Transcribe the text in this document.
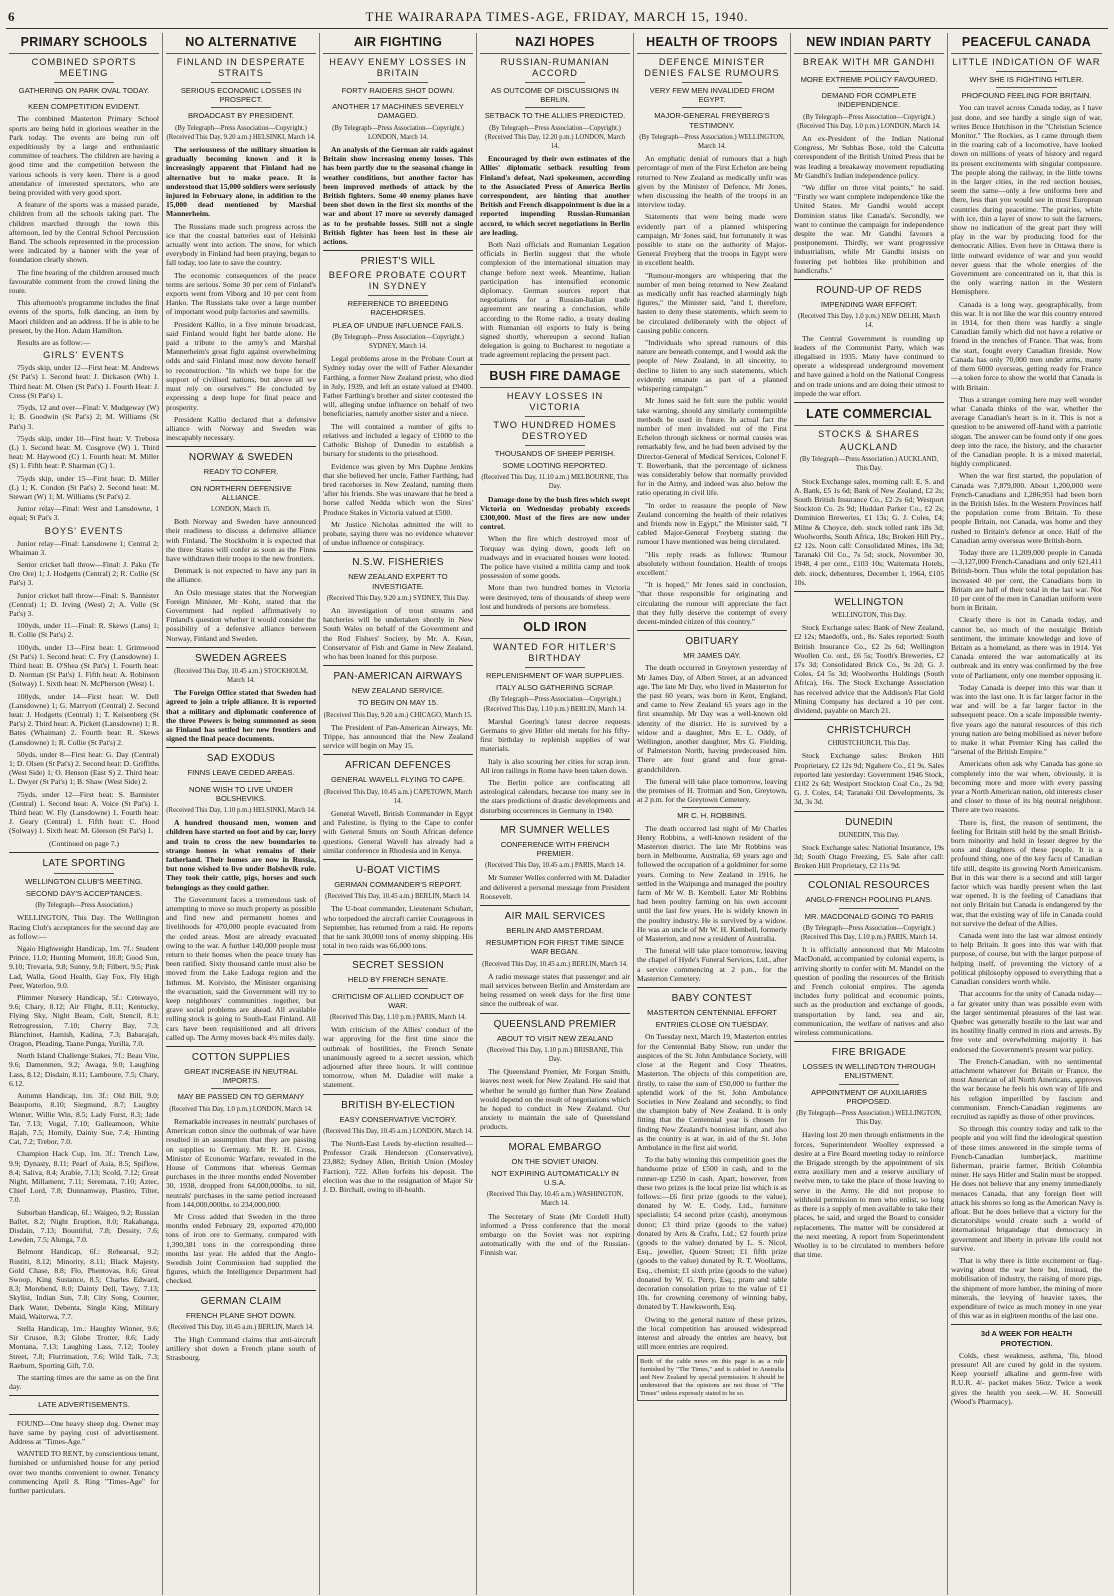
6	THE WAIRARAPA TIMES-AGE, FRIDAY, MARCH 15, 1940.
PRIMARY SCHOOLS
COMBINED SPORTS MEETING
GATHERING ON PARK OVAL TODAY.
KEEN COMPETITION EVIDENT.

The combined Masterton Primary School sports are being held in glorious weather in the Park today. The events are being run off expeditiously by a large and enthusiastic committee of teachers. The children are having a good time and the competition between the various schools is very keen. There is a good attendance of interested spectators, who are being provided with very good sport.

A feature of the sports was a massed parade, children from all the schools taking part. The children marched through the town this afternoon, led by the Central School Percussion Band. The schools represented in the procession were indicated by a banner with the year of foundation clearly shown.

The fine bearing of the children aroused much favourable comment from the crowd lining the route.

This afternoon's programme includes the final events of the sports, folk dancing, an item by Maori children and an address. If he is able to be present, by the Hon. Adam Hamilton.

Results are as follow:—

GIRLS' EVENTS

75yds skip, under 12—First heat: M. Andrews (St Pat's) 1. Second heat: J. Dickason (Wh) 1. Third heat: M. Olsen (St Pat's) 1. Fourth Heat: J. Cress (St Pat's) 1.

75yds, 12 and over—Final: V. Mudgeway (W) 1; B. Goodwin (St Pat's) 2; M. Williams (St Pat's) 3.

75yds skip, under 10—First heat: V. Trebosa (L) 1. Second heat: M. Cosgrove (W) 1. Third heat: M. Haywood (C) 1. Fourth heat: M. Miller (S) 1. Fifth heat: P. Sharman (C) 1.

75yds skip, under 15—First heat: D. Miller (L) 1; K. Condon (St Pat's) 2. Second heat: M. Stewart (W) 1; M. Williams (St Pat's) 2.

Junior relay—Final: West and Lansdowne, 1 equal; St Pat's 3.

BOYS' EVENTS

Junior relay—Final: Lansdowne 1; Central 2; Whaiman 3.

Senior cricket ball throw—Final: J. Paku (Te Ore Ore) 1; J. Hodgetts (Central) 2; R. Collie (St Pat's) 3.

Junior cricket ball throw—Final: S. Bannister (Central) 1; D. Irving (West) 2; A. Volle (St Pat's) 3.

100yds, under 11—Final: R. Skews (Lans) 1; R. Collie (St Pat's) 2.

100yds, under 13—First heat: I. Grimwood (St Pat's) 1. Second heat: C. Fry (Lansdowne) 1. Third heat: B. O'Shea (St Pat's) 1. Fourth heat: D. Norman (St Pat's) 1. Fifth heat: A. Robinson (Solway) 1. Sixth heat: N. McPherson (West) 1.

100yds, under 14—First heat: W. Dell (Lansdowne) 1; G. Marryott (Central) 2. Second heat: J. Hodgetts (Central) 1; T. Keisenberg (St Pat's) 2. Third heat: A. Pickett (Lansdowne) 1; R. Bates (Whaiman) 2. Fourth heat: R. Skews (Lansdowne) 1; R. Collie (St Pat's) 2.

50yds, under 8—First heat: G. Day (Central) 1; D. Olsen (St Pat's) 2. Second heat: D. Griffiths (West Side) 1; O. Henson (East S) 2. Third heat: L. Dwyer (St Pat's) 1; B. Shaw (West Side) 2.

75yds, under 12—First heat: S. Bannister (Central) 1. Second heat: A. Voice (St Pat's) 1. Third heat: W. Fly (Lansdowne) 1. Fourth heat: J. Geary (Central) 1. Fifth heat: C. Hood (Solway) 1. Sixth heat: M. Gleeson (St Pat's) 1.

(Continued on page 7.)

LATE SPORTING
WELLINGTON CLUB'S MEETING.
SECOND DAY'S ACCEPTANCES.

(By Telegraph—Press Association.)

WELLINGTON, This Day. The Wellington Racing Club's acceptances for the second day are as follow:—

Ngaio Highweight Handicap, 1m. 7f.: Student Prince, 11.0; Hunting Moment, 10.8; Good Sun, 9.10; Trevaria, 9.8; Sunny, 9.8; Filbert, 9.5; Pink Lad, Walla, Good Health, Gay Fox, Fly High Peer, Waterloo, 9.0.

Plimmer Nursery Handicap, 5f.: Cetewayo, 9.6; Chary, 8.12; Air Flight, 8.11; Kentucky, Flying Sky, Night Beam, Colt, Stencil, 8.1; Retrogression, 7.10; Cherry Bay, 7.3; Blanchinet, Hamish, Kadina, 7.3; Babarajah, Oragon, Pleading, Taane Punga, Yurilla, 7.0.

North Island Challenge Stakes, 7f.: Beau Vite, 9.6; Damenmen, 9.2; Awaga, 9.0; Laughing Lass, 8.12; Disdain, 8.11; Lamboure, 7.5; Chary, 6.12.

Autumn Handicap, 1m. 3f.: Old Bill, 9.0; Beauporto, 8.10; Siegmund, 8.7; Laughty Winner, Willie Win, 8.5; Lady Furst, 8.3; Jade Tar, 7.13; Vogal, 7.10; Galleamoon, White Rajah, 7.5; Homily, Dainty Sue, 7.4; Hunting Cat, 7.2; Trebor, 7.0.

Champion Hack Cup, 1m. 3f.: Trench Law, 9.9; Dynasty, 8.11; Pearl of Asia, 8.5; Spiflow, 8.4; Saliva, 8.4; Arabie, 7.13; Scold, 7.12; Great Night, Millament, 7.11; Seremata, 7.10; Aztec, Chief Lord, 7.8; Dunnamway, Plastiro, Tilter, 7.0.

Suburban Handicap, 6f.: Waigeo, 9.2; Russian Ballet, 8.2; Night Eruption, 8.0; Rakahanga, Disdain, 7.13; Bountiful, 7.8; Dessity, 7.6; Lewden, 7.5; Alunga, 7.0.

Belmont Handicap, 6f.: Rehearsal, 9.2; Rustiti, 8.12; Minority, 8.11; Black Majesty, Gold Chase, 8.8; Flo, Phentovas, 8.6; Great Swoop, King Sustance, 8.5; Charles Edward, 8.3; Morebend, 8.0; Dainty Dell, Tawy, 7.13; Skylist, Indian Sun, 7.8; City Song, Counter, Dark Water, Debenta, Single King, Military Maid, Waiterwa, 7.7.

Stella Handicap, 1m.: Haughty Winner, 9.6; Sir Crusoe, 8.3; Globe Trotter, 8.6; Lady Montana, 7.13; Laughing Lass, 7.12; Tooley Street, 7.8; Flurrimation, 7.6; Wild Talk, 7.3; Raeburn, Sporting Gift, 7.0.

The starting times are the same as on the first day.

LATE ADVERTISEMENTS.

FOUND—One heavy sheep dog. Owner may have same by paying cost of advertisement. Address at "Times-Age."

WANTED TO RENT, by conscientious tenant, furnished or unfurnished house for any period over two months convenient to owner. Tenancy commencing April 8. Ring "Times-Age" for further particulars.

NO ALTERNATIVE
FINLAND IN DESPERATE STRAITS
SERIOUS ECONOMIC LOSSES IN PROSPECT.
BROADCAST BY PRESIDENT.

(By Telegraph—Press Association—Copyright.) (Received This Day, 9.20 a.m.) HELSINKI, March 14.

The seriousness of the military situation is gradually becoming known and it is increasingly apparent that Finland had no alternative but to make peace. It is understood that 15,000 soldiers were seriously injured in February alone, in addition to the 15,000 dead mentioned by Marshal Mannerheim.

The Russians made such progress across the ice that the coastal batteries east of Helsinki actually went into action. The snow, for which everybody in Finland had been praying, began to fall today, too late to save the country.

The economic consequences of the peace terms are serious. Some 30 per cent of Finland's exports went from Viborg and 10 per cent from Hanko. The Russians take over a large number of important wood pulp factories and sawmills.

President Kallio, in a five minute broadcast, said Finland would fight her battle alone. He paid a tribute to the army's and Marshal Mannerheim's great fight against overwhelming odds and said Finland must now devote herself to reconstruction. "In which we hope for the support of civilised nations, but above all we must rely on ourselves." He concluded by expressing a deep hope for final peace and prosperity.

President Kallio declared that a defensive alliance with Norway and Sweden was inescapably necessary.

NORWAY & SWEDEN
READY TO CONFER.
ON NORTHERN DEFENSIVE ALLIANCE.

LONDON, March 15.

Both Norway and Sweden have announced their readiness to discuss a defensive alliance with Finland. The Stockholm it is expected that the three States will confer as soon as the Finns have withdrawn their troops to the new frontiers.

Denmark is not expected to have any part in the alliance.

An Oslo message states that the Norwegian Foreign Minister, Mr Koht, stated that the Government had replied affirmatively to Finland's question whether it would consider the possibility of a defensive alliance between Norway, Finland and Sweden.

SWEDEN AGREES

(Received This Day, 10.45 a.m.) STOCKHOLM, March 14.

The Foreign Office stated that Sweden had agreed to join a triple alliance. It is reported that a military and diplomatic conference of the three Powers is being summoned as soon as Finland has settled her new frontiers and signed the final peace documents.

SAD EXODUS
FINNS LEAVE CEDED AREAS.
NONE WISH TO LIVE UNDER BOLSHEVIKS.

(Received This Day, 1.10 p.m.) HELSINKI, March 14.

A hundred thousand men, women and children have started on foot and by car, lorry and train to cross the new boundaries to strange homes in what remains of their fatherland. Their homes are now in Russia, but none wished to live under Bolshevik rule. They took their cattle, pigs, horses and such belongings as they could gather.

The Government faces a tremendous task of attempting to move so much property as possible and find new and permanent homes and livelihoods for 470,000 people evacuated from the ceded areas. Most are already evacuated owing to the war. A further 140,000 people must return to their homes when the peace treaty has been ratified. Sixty thousand cattle must also be moved from the Lake Ladoga region and the Isthmus. M. Koivisto, the Minister organising the evacuation, said the Government will try to keep neighbours' communities together, but grave social problems are ahead. All available rolling stock is going to South-East Finland. All cars have been requisitioned and all drivers called up. The Army moves back 4½ miles daily.

COTTON SUPPLIES
GREAT INCREASE IN NEUTRAL IMPORTS.
MAY BE PASSED ON TO GERMANY

(Received This Day, 1.0 p.m.) LONDON, March 14.

Remarkable increases in neutrals' purchases of American cotton since the outbreak of war have resulted in an assumption that they are passing on supplies to Germany. Mr R. H. Cross, Minister of Economic Warfare, revealed in the House of Commons that whereas German purchases in the three months ended November 30, 1938, dropped from 64,000,000lbs. to nil, neutrals' purchases in the same period increased from 144,000,000lbs. to 234,000,000.

Mr Cross added that Sweden in the three months ended February 29, exported 470,000 tons of iron ore to Germany, compared with 1,390,381 tons in the corresponding three months last year. He added that the Anglo-Swedish Joint Commission had supplied the figures, which the Intelligence Department had checked.

GERMAN CLAIM
FRENCH PLANE SHOT DOWN.

(Received This Day, 10.45 a.m.) BERLIN, March 14.

The High Command claims that anti-aircraft artillery shot down a French plane south of Strasbourg.

AIR FIGHTING
HEAVY ENEMY LOSSES IN BRITAIN
FORTY RAIDERS SHOT DOWN.
ANOTHER 17 MACHINES SEVERELY DAMAGED.

(By Telegraph—Press Association—Copyright.) LONDON, March 14.

An analysis of the German air raids against Britain show increasing enemy losses. This has been partly due to the seasonal change in weather conditions, but another factor has been improved methods of attack by the British fighters. Some 40 enemy planes have been shot down in the first six months of the war and about 17 more so severely damaged as to be probable losses. Still not a single British fighter has been lost in these air actions.

PRIEST'S WILL
BEFORE PROBATE COURT IN SYDNEY
REFERENCE TO BREEDING RACEHORSES.
PLEA OF UNDUE INFLUENCE FAILS.

(By Telegraph—Press Association—Copyright.) SYDNEY, March 14.

Legal problems arose in the Probate Court at Sydney today over the will of Father Alexander Farthing, a former New Zealand priest, who died in July, 1939, and left an estate valued at £9400. Father Farthing's brother and sister contested the will, alleging undue influence on behalf of two beneficiaries, namely another sister and a niece.

The will contained a number of gifts to relatives and included a legacy of £1000 to the Catholic Bishop of Dunedin to establish a bursary for students to the priesthood.

Evidence was given by Mrs Daphne Jenkins that she believed her uncle, Father Farthing, had bred racehorses in New Zealand, naming them 'after his friends. She was unaware that he bred a horse called Nedda which won the Sires' Produce Stakes in Victoria valued at £500.

Mr Justice Nicholas admitted the will to probate, saying there was no evidence whatever of undue influence or conspiracy.

N.S.W. FISHERIES
NEW ZEALAND EXPERT TO INVESTIGATE.

(Received This Day, 9.20 a.m.) SYDNEY, This Day.

An investigation of trout streams and hatcheries will be undertaken shortly in New South Wales on behalf of the Government and the Rod Fishers' Society, by Mr. A. Kean, Conservator of Fish and Game in New Zealand, who has been loaned for this purpose.

PAN-AMERICAN AIRWAYS
NEW ZEALAND SERVICE.
TO BEGIN ON MAY 15.

(Received This Day, 9.20 a.m.) CHICAGO, March 15.

The President of Pan-American Airways, Mr. Trippe, has announced that the New Zealand service will begin on May 15.

AFRICAN DEFENCES
GENERAL WAVELL FLYING TO CAPE.

(Received This Day, 10.45 a.m.) CAPETOWN, March 14.

General Wavell, British Commander in Egypt and Palestine, is flying to the Cape to confer with General Smuts on South African defence questions. General Wavell has already had a similar conference in Rhodesia and in Kenya.

U-BOAT VICTIMS
GERMAN COMMANDER'S REPORT.

(Received This Day, 10.45 a.m.) BERLIN, March 14.

The U-boat commander, Lieutenant Schuhart, who torpedoed the aircraft carrier Courageous in September, has returned from a raid. He reports that he sank 30,000 tons of enemy shipping. His total in two raids was 66,000 tons.

SECRET SESSION
HELD BY FRENCH SENATE.
CRITICISM OF ALLIED CONDUCT OF WAR.

(Received This Day, 1.10 p.m.) PARIS, March 14.

With criticism of the Allies' conduct of the war approving for the first time since the outbreak of hostilities, the French Senate unanimously agreed to a secret session, which adjourned after three hours. It will continue tomorrow, when M. Daladier will make a statement.

BRITISH BY-ELECTION
EASY CONSERVATIVE VICTORY.

(Received This Day, 10.45 a.m.) LONDON, March 14.

The North-East Leeds by-election resulted—Professor Craik Henderson (Conservative), 23,882; Sydney Allen, British Union (Mosley Faction), 722. Allen forfeits his deposit. The election was due to the resignation of Major Sir J. D. Birchall, owing to ill-health.

NAZI HOPES
RUSSIAN-RUMANIAN ACCORD
AS OUTCOME OF DISCUSSIONS IN BERLIN.
SETBACK TO THE ALLIES PREDICTED.

(By Telegraph—Press Association—Copyright.) (Received This Day, 12.20 p.m.) LONDON, March 14.

Encouraged by their own estimates of the Allies' diplomatic setback resulting from Finland's defeat, Nazi spokesmen, according to the Associated Press of America Berlin correspondent, are hinting that another British and French disappointment is due in a reported impending Russian-Rumanian accord, to which secret negotiations in Berlin are leading.

Both Nazi officials and Rumanian Legation officials in Berlin suggest that the whole complexion of the international situation may change before next week. Meantime, Italian participation has intensified economic diplomacy. German sources report that negotiations for a Russian-Italian trade agreement are nearing a conclusion, while according to the Rome radio, a treaty dealing with Rumanian oil exports to Italy is being signed shortly, whereupon a second Italian delegation is going to Bucharest to negotiate a trade agreement replacing the present pact.

BUSH FIRE DAMAGE
HEAVY LOSSES IN VICTORIA
TWO HUNDRED HOMES DESTROYED
THOUSANDS OF SHEEP PERISH.
SOME LOOTING REPORTED.

(Received This Day, 11.10 a.m.) MELBOURNE, This Day.

Damage done by the bush fires which swept Victoria on Wednesday probably exceeds £300,000. Most of the fires are now under control.

When the fire which destroyed most of Torquay was dying down, goods left on roadways and in evacuated houses were looted. The police have visited a militia camp and took possession of some goods.

More than two hundred homes in Victoria were destroyed, tens of thousands of sheep were lost and hundreds of persons are homeless.

OLD IRON
WANTED FOR HITLER'S BIRTHDAY
REPLENISHMENT OF WAR SUPPLIES.
ITALY ALSO GATHERING SCRAP.

(By Telegraph—Press Association—Copyright.) (Received This Day, 1.10 p.m.) BERLIN, March 14.

Marshal Goering's latest decree requests Germans to give Hitler old metals for his fifty-first birthday to replenish supplies of war materials.

Italy is also scouring her cities for scrap iron. All iron railings in Rome have been taken down.

The Berlin police are confiscating all astrological calendars, because too many see in the stars predictions of drastic developments and disturbing occurrences in Germany in 1940.

MR SUMNER WELLES
CONFERENCE WITH FRENCH PREMIER.

(Received This Day, 10.45 a.m.) PARIS, March 14.

Mr Sumner Welles conferred with M. Daladier and delivered a personal message from President Roosevelt.

AIR MAIL SERVICES
BERLIN AND AMSTERDAM.
RESUMPTION FOR FIRST TIME SINCE WAR BEGAN.

(Received This Day, 10.45 a.m.) BERLIN, March 14.

A radio message states that passenger and air mail services between Berlin and Amsterdam are being resumed on week days for the first time since the outbreak of war.

QUEENSLAND PREMIER
ABOUT TO VISIT NEW ZEALAND

(Received This Day, 1.10 p.m.) BRISBANE, This Day.

The Queensland Premier, Mr Forgan Smith, leaves next week for New Zealand. He said that whether he would go further than New Zealand would depend on the result of negotiations which he hoped to conduct in New Zealand. Our anxiety to maintain the sale of Queensland products.

MORAL EMBARGO
ON THE SOVIET UNION.
NOT EXPIRING AUTOMATICALLY IN U.S.A.

(Received This Day, 10.45 a.m.) WASHINGTON, March 14.

The Secretary of State (Mr Cordell Hull) informed a Press conference that the moral embargo on the Soviet was not expiring automatically with the end of the Russian-Finnish war.

HEALTH OF TROOPS
DEFENCE MINISTER DENIES FALSE RUMOURS
VERY FEW MEN INVALIDED FROM EGYPT.
MAJOR-GENERAL FREYBERG'S TESTIMONY.

(By Telegraph—Press Association.) WELLINGTON, March 14.

An emphatic denial of rumours that a high percentage of men of the First Echelon are being returned to New Zealand as medically unfit was given by the Minister of Defence, Mr Jones, when discussing the health of the troops in an interview today.

Statements that were being made were evidently part of a planned whispering campaign, Mr Jones said, but fortunately it was possible to state on the authority of Major-General Freyberg that the troops in Egypt were in excellent health.

"Rumour-mongers are whispering that the number of men being returned to New Zealand as medically unfit has reached alarmingly high figures," the Minister said, "and I, therefore, hasten to deny these statements, which seem to be circulated deliberately with the object of causing public concern.

"Individuals who spread rumours of this nature are beneath contempt, and I would ask the people of New Zealand, in all sincerity, to decline to listen to any such statements, which evidently emanate as part of a planned whispering campaign."

Mr Jones said he felt sure the public would take warning, should any similarly contemptible methods be used in future. In actual fact the number of men invalided out of the First Echelon through sickness or normal causes was remarkably few, and he had been advised by the Director-General of Medical Services, Colonel F. T. Bowerbank, that the percentage of sickness was considerably below that normally provided for in the Army, and indeed was also below the ratio operating in civil life.

"In order to reassure the people of New Zealand concerning the health of their relatives and friends now in Egypt," the Minister said, "I cabled Major-General Freyberg stating the rumour I have mentioned was being circulated.

"His reply reads as follows: 'Rumour absolutely without foundation. Health of troops excellent.'

"It is hoped," Mr Jones said in conclusion, "that those responsible for originating and circulating the rumour will appreciate the fact that they fully deserve the contempt of every decent-minded citizen of this country."

OBITUARY
MR JAMES DAY.

The death occurred in Greytown yesterday of Mr James Day, of Albert Street, at an advanced age. The late Mr Day, who lived in Masterton for the past 60 years, was born in Kent, England, and came to New Zealand 65 years ago in the first steamship. Mr Day was a well-known old identity of the district. He is survived by a widow and a daughter, Mrs E. L. Oddy, of Wellington, another daughter, Mrs G. Fielding, of Palmerston North, having predeceased him. There are four grand and four great-grandchildren.

The funeral will take place tomorrow, leaving the premises of H. Trotman and Son, Greytown, at 2 p.m. for the Greytown Cemetery.

MR C. H. ROBBINS.

The death occurred last night of Mr Charles Henry Robbins, a well-known resident of the Masterton district. The late Mr Robbins was born in Melbourne, Australia, 69 years ago and followed the occupation of a goldminer for some years. Coming to New Zealand in 1916, he settled in the Waipunga and managed the poultry farm of Mr W. B. Kembell. Later Mr Robbins had been poultry farming on his own account until the last few years. He is widely known in the poultry industry. He is survived by a widow. He was an uncle of Mr W. H. Kembell, formerly of Masterton, and now a resident of Australia.

The funeral will take place tomorrow, leaving the chapel of Hyde's Funeral Services, Ltd., after a service commencing at 2 p.m., for the Masterton Cemetery.

BABY CONTEST
MASTERTON CENTENNIAL EFFORT
ENTRIES CLOSE ON TUESDAY.

On Tuesday next, March 19, Masterton entries for the Centennial Baby Show, run under the auspices of the St. John Ambulance Society, will close at the Regent and Cosy Theatres, Masterton. The objects of this competition are, firstly, to raise the sum of £50,000 to further the splendid work of the St. John Ambulance Societies in New Zealand and secondly, to find the champion baby of New Zealand. It is only fitting that the Centennial year is chosen for finding New Zealand's bonniest infant, and also as the country is at war, in aid of the St. John Ambulance in the first aid world.

To the baby winning this competition goes the handsome prize of £500 in cash, and to the runner-up £250 in cash. Apart, however, from these two prizes is the local prize list which is as follows:—£6 first prize (goods to the value), donated by W. E. Cody, Ltd., furniture specialists; £4 second prize (cash), anonymous donor; £3 third prize (goods to the value) donated by Arts & Crafts, Ltd.; £2 fourth prize (goods to the value) donated by L. S. Nicol, Esq., jeweller, Queen Street; £1 fifth prize (goods to the value) donated by R. T. Woollams, Esq., chemist; £1 sixth prize (goods to the value) donated by W. G. Perry, Esq.; pram and table decoration consolation prize to the value of £1 10s. for crowning ceremony of winning baby, donated by T. Hawksworth, Esq.

Owing to the general nature of these prizes, the local competition has aroused widespread interest and already the entries are heavy, but still more entries are required.

Both of the cable news on this page is as a rule furnished by "The Times," and is cabled to Australia and New Zealand by special permission. It should be understood that the opinions are not those of "The Times" unless expressly stated to be so.
NEW INDIAN PARTY
BREAK WITH MR GANDHI
MORE EXTREME POLICY FAVOURED.
DEMAND FOR COMPLETE INDEPENDENCE.

(By Telegraph—Press Association—Copyright.) (Received This Day, 1.0 p.m.) LONDON, March 14.

An ex-President of the Indian National Congress, Mr Subhas Bose, told the Calcutta correspondent of the British United Press that he was leading a breakaway movement repudiating Mr Gandhi's Indian independence policy.

"We differ on three vital points," he said. "Firstly we want complete independence like the United States. Mr Gandhi would accept Dominion status like Canada's. Secondly, we want to continue the campaign for independence despite the war. Mr Gandhi favours a postponement. Thirdly, we want progressive industrialism, while Mr Gandhi insists on fostering pet hobbies like prohibition and handicrafts."

ROUND-UP OF REDS
IMPENDING WAR EFFORT.

(Received This Day, 1.0 p.m.) NEW DELHI, March 14.

The Central Government is rounding up leaders of the Communist Party, which was illegalised in 1935. Many have continued to operate a widespread underground movement and have gained a hold on the National Congress and on trade unions and are doing their utmost to impede the war effort.

LATE COMMERCIAL
STOCKS & SHARES
AUCKLAND

(By Telegraph—Press Association.) AUCKLAND, This Day.

Stock Exchange sales, morning call: E. S. and A. Bank, £5 1s 6d; Bank of New Zealand, £2 2s; South British Insurance Co., £2 2s 6d; Westport Stockton Co. 2s 9d; Huddart Parker Co., £2 2s; Dominion Breweries, £1 13s; G. J. Coles, £4; Milne & Choyce, deb. stock tolled rank 18s 3d; Woolworths, South Africa, 18s; Broken Hill Pty., £2 12s. Noon call: Consolidated Mines, 18s 3d; Taranaki Oil Co., 7s 5d; stock, November 30, 1948, 4 per cent., £103 10s; Waitemata Hotels, deb. stock, debentures, December 1, 1964, £105 10s.

WELLINGTON

WELLINGTON, This Day.

Stock Exchange sales: Bank of New Zealand, £2 12s; Maedoffs, ord., 8s. Sales reported: South British Insurance Co., £2 2s 6d; Wellington Woollen Co. ord., £6 5s; Tooth's Breweries, £2 17s 3d; Consolidated Brick Co., 9s 2d; G. J. Coles, £4 5s 3d; Woolworths Holdings (South Africa), 16s. The Stock Exchange Association has received advice that the Addison's Flat Gold Mining Company has declared a 10 per cent. dividend, payable on March 21.

CHRISTCHURCH

CHRISTCHURCH, This Day.

Stock Exchange sales: Broken Hill Proprietary, £2 12s 9d; Ngahere Co., £1 9s. Sales reported late yesterday: Government 1946 Stock, £102 2s 6d; Westport Stockton Coal Co., 2s 9d; G. J. Coles, £4; Taranaki Oil Developments, 3s 3d, 3s 3d.

DUNEDIN

DUNEDIN, This Day.

Stock Exchange sales: National Insurance, 19s 3d; South Otago Freezing, £5. Sale after call: Broken Hill Proprietary, £2 11s 9d.

COLONIAL RESOURCES
ANGLO-FRENCH POOLING PLANS.
MR. MACDONALD GOING TO PARIS

(By Telegraph—Press Association—Copyright.) (Received This Day, 1.10 p.m.) PARIS, March 14.

It is officially announced that Mr Malcolm MacDonald, accompanied by colonial experts, is arriving shortly to confer with M. Mandel on the question of pooling the resources of the British and French colonial empires. The agenda includes forty political and economic points, such as the production and exchange of goods, transportation by land, sea and air, communication, the welfare of natives and also wireless communications.

FIRE BRIGADE
LOSSES IN WELLINGTON THROUGH ENLISTMENT.
APPOINTMENT OF AUXILIARIES PROPOSED.

(By Telegraph—Press Association.) WELLINGTON, This Day.

Having lost 20 men through enlistments in the forces, Superintendent Woolley expressed a desire at a Fire Board meeting today to reinforce the Brigade strength by the appointment of six extra auxiliary men and a reserve auxiliary of twelve men, to take the place of those leaving to serve in the Army. He did not propose to withhold permission to men who enlist, so long as there is a supply of men available to take their places, he said, and urged the Board to consider replacements. The matter will be considered at the next meeting. A report from Superintendent Woolley is to be circulated to members before that time.

PEACEFUL CANADA
LITTLE INDICATION OF WAR
WHY SHE IS FIGHTING HITLER.
PROFOUND FEELING FOR BRITAIN.

You can travel across Canada today, as I have just done, and see hardly a single sign of war, writes Bruce Hutchison in the "Christian Science Monitor." The Rockies, as I came through them in the roaring cab of a locomotive, have looked down on millions of years of history and regard its present excitements with singular composure. The people along the railway, in the little towns in the larger cities, in the red section houses, seem the same—only a few uniforms here and there, less than you would see in most European countries during peacetime. The prairies, white with ice, thin a layer of snow to suit the farmers, show no indication of the great part they will play in the war by producing food for the democratic Allies. Even here in Ottawa there is little outward evidence of war and you would never guess that the whole energies of the Government are concentrated on it, that this is the only warring nation in the Western Hemisphere.

Canada is a long way, geographically, from this war. It is not like the war this country entered in 1914, for then there was hardly a single Canadian family which did not have a relative or friend in the trenches of France. That was, from the start, fought every Canadian fireside. Now Canada has only 70,000 men under arms, many of them 6000 overseas, getting ready for France—a token force to show the world that Canada is with Britain.

Thus a stranger coming here may well wonder what Canada thinks of the war, whether the average Canadian's heart is in it. This is not a question to be answered off-hand with a patriotic slogan. The answer can be found only if one goes deep into the race, the history, and the character of the Canadian people. It is a mixed material, highly complicated.

When the war first started, the population of Canada was 7,879,000. About 1,200,000 were French-Canadians and 1,286,951 had been born in the British Isles. In the Western Provinces half the population come from Britain. To these people Britain, not Canada, was home and they rushed to Britain's defence at once. Half of the Canadian army overseas were British-born.

Today there are 11,209,000 people in Canada—3,127,000 French-Canadians and only 621,411 British-born. Thus while the total population has increased 40 per cent, the Canadians born in Britain are half of their total in the last war. Not 10 per cent of the men in Canadian uniform were born in Britain.

Clearly there is not in Canada today, and cannot be, so much of the nostalgic British sentiment, the intimate knowledge and love of Britain as a homeland, as there was in 1914. Yet Canada entered the war automatically at its outbreak and its entry was confirmed by the free vote of Parliament, only one member opposing it.

Today Canada is deeper into this war than it was into the last one. It is far larger factor in the war and will be a far larger factor in the subsequent peace. On a scale impossible twenty-five years ago the natural resources of this rich young nation are being mobilised as never before to make it what Premier King has called the "arsenal of the British Empire."

Americans often ask why Canada has gone so completely into the war when, obviously, it is becoming more and more with every passing year a North American nation, old interests closer and closer to those of its big neutral neighbour. There are two reasons.

There is, first, the reason of sentiment, the feeling for Britain still held by the small British-born minority and held in lesser degree by the sons and daughters of these people. It is a profound thing, one of the key facts of Canadian life still, despite its growing North Americanism. But in this war there is a second and still larger factor which was hardly present when the last war opened. It is the feeling of Canadians that not only Britain but Canada is endangered by the war, that the existing way of life in Canada could not survive the defeat of the Allies.

Canada went into the last war almost entirely to help Britain. It goes into this war with that purpose, of course, but with the larger purpose of helping itself, of preventing the victory of a political philosophy opposed to everything that a Canadian considers worth while.

That accounts for the unity of Canada today—a far greater unity than was possible even with the larger sentimental pleasures of the last war. Quebec was generally hostile to the last war and its hostility finally centred in riots and arrests. By free vote and overwhelming majority it has endorsed the Government's present war policy.

The French-Canadian, with no sentimental attachment whatever for Britain or France, the most American of all North Americans, approves the war because he feels his own way of life and his religion imperilled by fascism and communism. French-Canadian regiments are recruited as rapidly as those of other provinces.

So through this country today and talk to the people and you will find the ideological question of these times answered in the simple terms of French-Canadian lumberjack, maritime fisherman, prairie farmer, British Columbia miner. He says Hitler and Stalin must be stopped. He does not believe that any enemy immediately menaces Canada, that any foreign fleet will attack his shores so long as the American Navy is afloat. But he does believe that a victory for the dictatorships would create such a world of international brigandage that democracy in government and liberty in private life could not survive.

That is why there is little excitement or flag-waving about the war here but, instead, the mobilisation of industry, the raising of more pigs, the shipment of more lumber, the mining of more minerals, the levying of heavier taxes, the expenditure of twice as much money in one year of this war as in eighteen months of the last one.

3d A WEEK FOR HEALTH PROTECTION.

Colds, chest weakness, asthma, 'flu, blood pressure! All are cured by gold in the system. Keep yourself alkaline and germ-free with R.U.R. 4/- packet makes 56oz. Twice a week gives the health you seek.—W. H. Snowsill (Wood's Pharmacy).
